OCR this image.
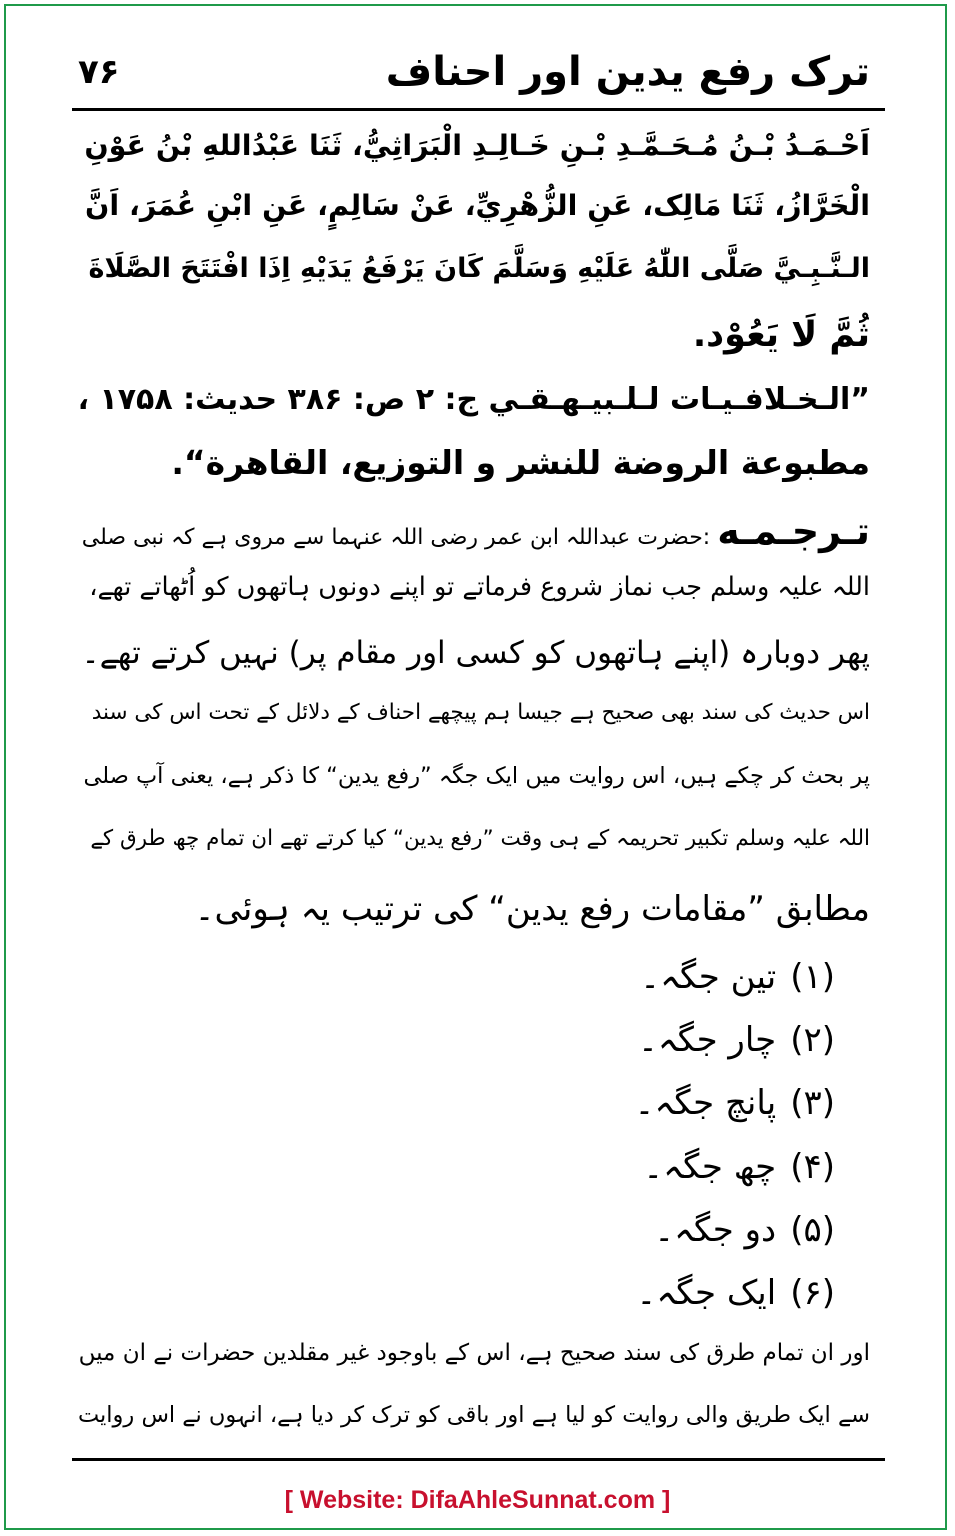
ترک رفع یدین اور احناف
۷۶
اَحْـمَـدُ بْـنُ مُـحَـمَّـدِ بْـنِ خَـالِـدِ الْبَرَاثِيُّ، ثَنَا عَبْدُاللهِ بْنُ عَوْنِ
الْخَرَّازُ، ثَنَا مَالِک، عَنِ الزُّهْرِيِّ، عَنْ سَالِمٍ، عَنِ ابْنِ عُمَرَ، اَنَّ
الـنَّـبِـيَّ صَلَّى اللّٰهُ عَلَيْهِ وَسَلَّمَ كَانَ يَرْفَعُ يَدَيْهِ اِذَا افْتَتَحَ الصَّلَاةَ
ثُمَّ لَا يَعُوْد.
”الـخـلافـيـات لـلـبيـهـقـي ج: ۲ ص: ۳۸۶ حديث: ۱۷۵۸ ،
مطبوعة الروضة للنشر و التوزيع، القاهرة“.
تـرجـمـه :حضرت عبداللہ ابن عمر رضی اللہ عنہما سے مروی ہے کہ نبی صلی
اللہ علیہ وسلم جب نماز شروع فرماتے تو اپنے دونوں ہاتھوں کو اُٹھاتے تھے،
پھر دوبارہ (اپنے ہاتھوں کو کسی اور مقام پر) نہیں کرتے تھے۔
اس حدیث کی سند بھی صحیح ہے جیسا ہم پیچھے احناف کے دلائل کے تحت اس کی سند
پر بحث کر چکے ہیں، اس روایت میں ایک جگہ ”رفع یدین“ کا ذکر ہے، یعنی آپ صلی
اللہ علیہ وسلم تکبیر تحریمہ کے ہی وقت ”رفع یدین“ کیا کرتے تھے ان تمام چھ طرق کے
مطابق ”مقامات رفع یدین“ کی ترتیب یہ ہوئی۔
(۱)تین جگہ۔
(۲)چار جگہ۔
(۳)پانچ جگہ۔
(۴)چھ جگہ۔
(۵)دو جگہ۔
(۶)ایک جگہ۔
اور ان تمام طرق کی سند صحیح ہے، اس کے باوجود غیر مقلدین حضرات نے ان میں
سے ایک طریق والی روایت کو لیا ہے اور باقی کو ترک کر دیا ہے، انہوں نے اس روایت
[ Website: DifaAhleSunnat.com ]
